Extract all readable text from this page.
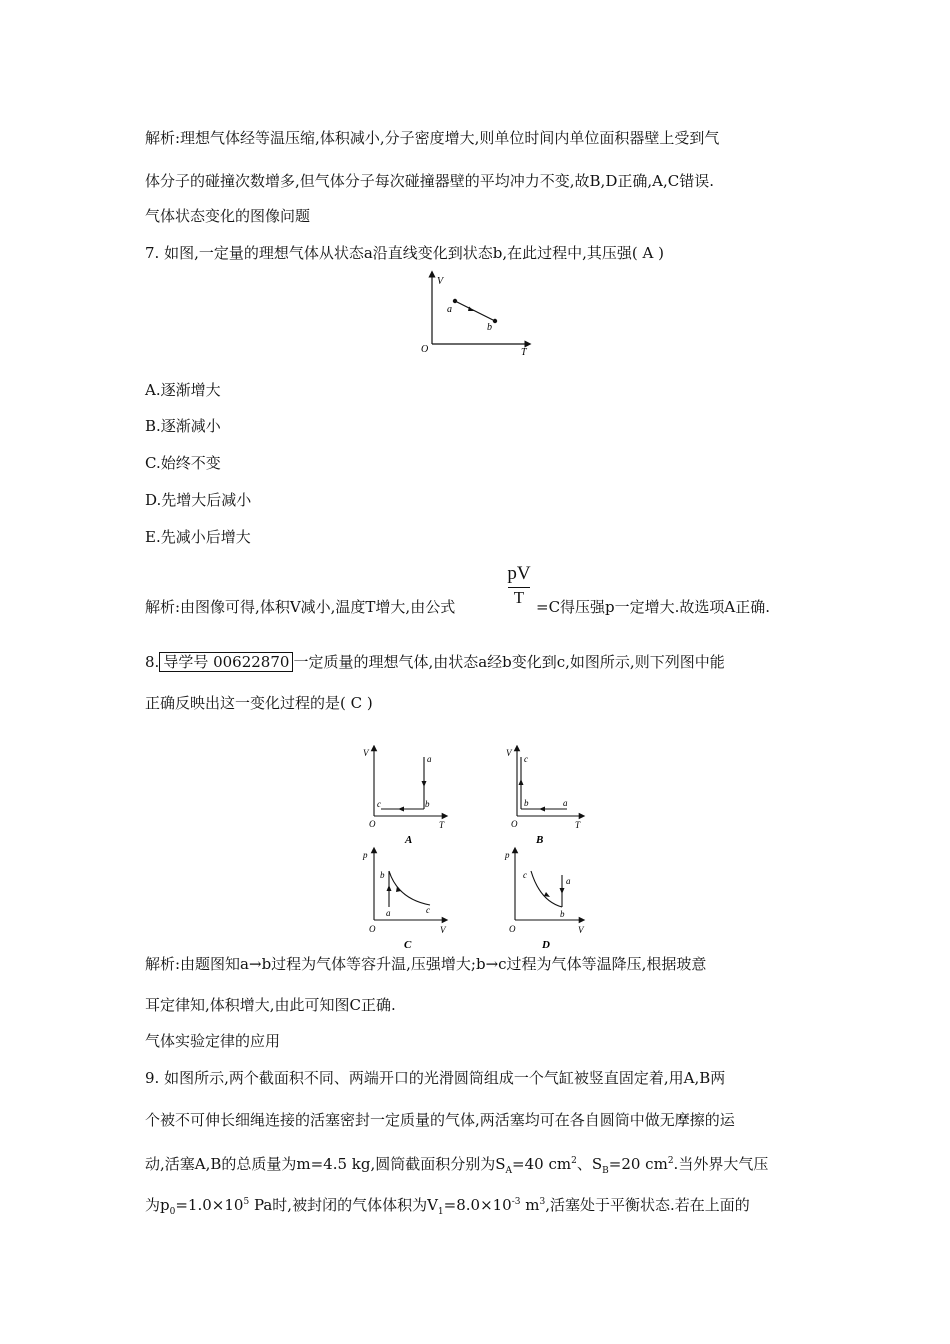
解析:理想气体经等温压缩,体积减小,分子密度增大,则单位时间内单位面积器壁上受到气
体分子的碰撞次数增多,但气体分子每次碰撞器壁的平均冲力不变,故B,D正确,A,C错误.
气体状态变化的图像问题
7. 如图,一定量的理想气体从状态a沿直线变化到状态b,在此过程中,其压强( A )
V
T
O
a
b
A.逐渐增大
B.逐渐减小
C.始终不变
D.先增大后减小
E.先减小后增大
解析:由图像可得,体积V减小,温度T增大,由公式
pV
T =C得压强p一定增大.故选项A正确.
8. 导学号 00622870 一定质量的理想气体,由状态a经b变化到c,如图所示,则下列图中能
正确反映出这一变化过程的是( C )
V
T
O
a
b
c
A
V
T
O
c
b	a
B
p
V
O
b
a	c
C
p
V
O
c
a
b
D
解析:由题图知a→b过程为气体等容升温,压强增大;b→c过程为气体等温降压,根据玻意
耳定律知,体积增大,由此可知图C正确.
气体实验定律的应用
9. 如图所示,两个截面积不同、两端开口的光滑圆筒组成一个气缸被竖直固定着,用A,B两
个被不可伸长细绳连接的活塞密封一定质量的气体,两活塞均可在各自圆筒中做无摩擦的运
动,活塞A,B的总质量为m=4.5 kg,圆筒截面积分别为$S_A=40$ $cm^2$、$S_B=20$ $cm^2$.当外界大气压
为$p_0=1.0\times 10^5$ Pa时,被封闭的气体体积为$V_1=8.0\times 10^{-3}$ $m^3$,活塞处于平衡状态.若在上面的
